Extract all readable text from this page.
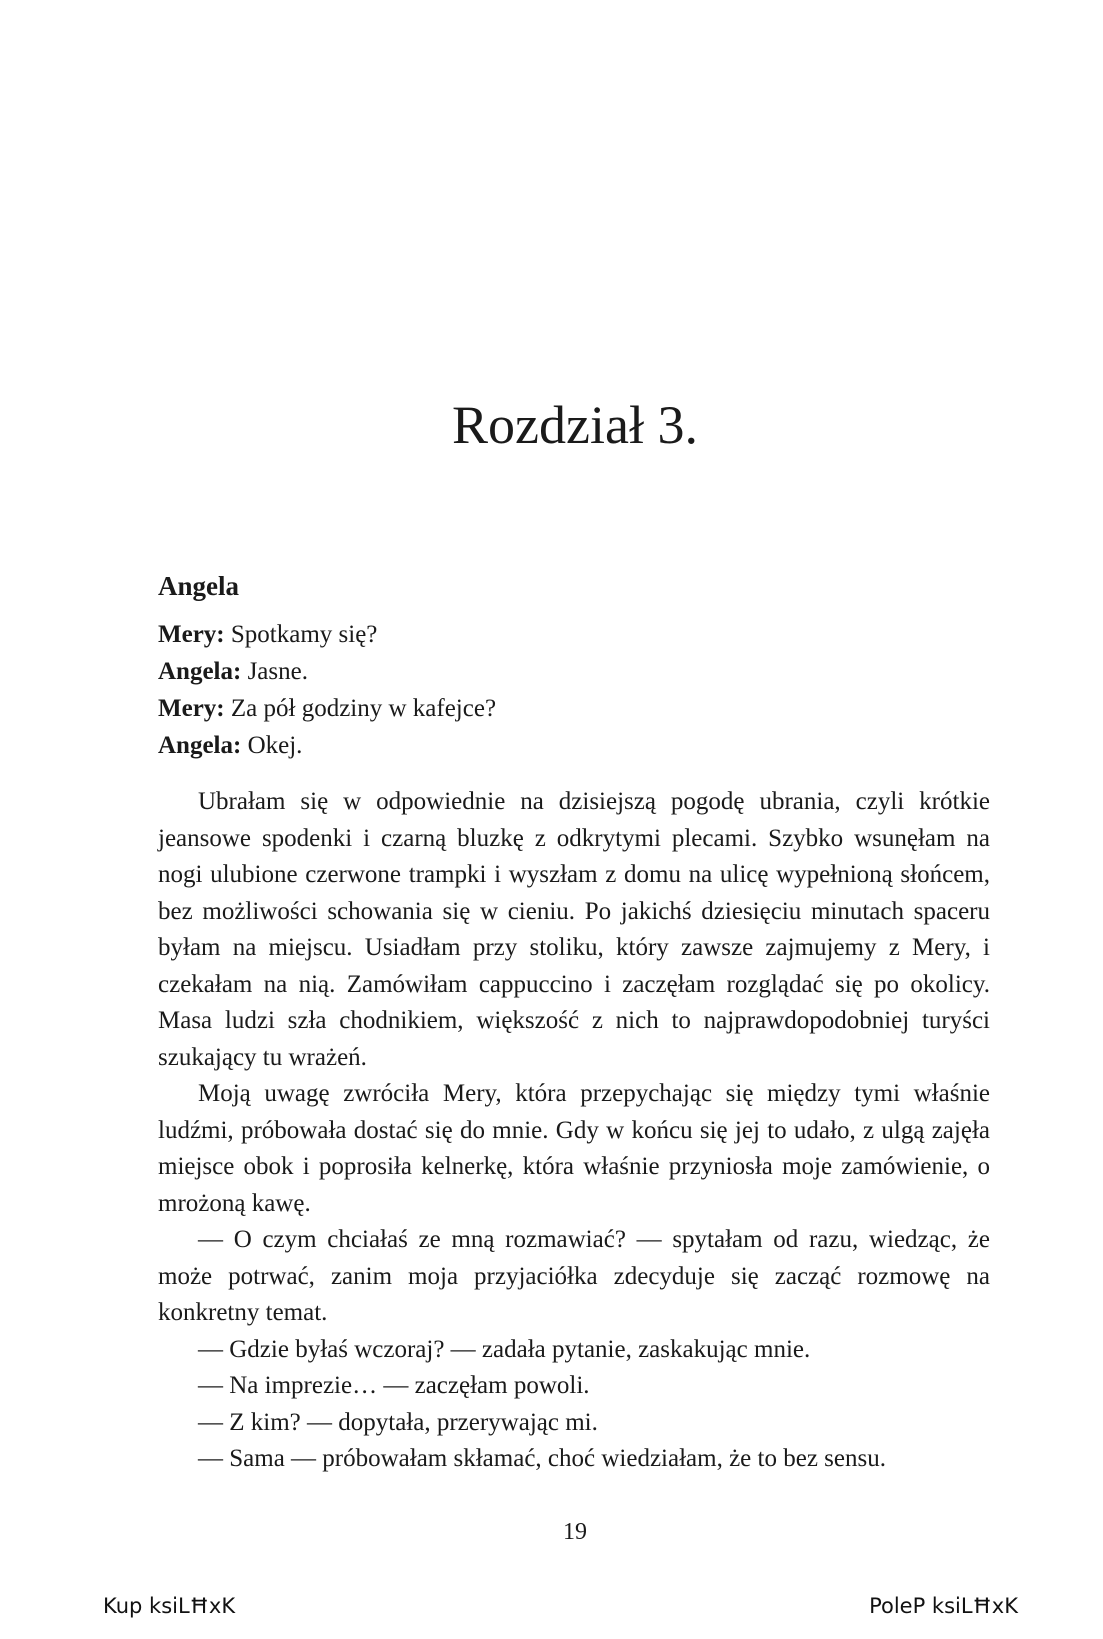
Rozdział 3.
Angela

Mery: Spotkamy się?

Angela: Jasne.

Mery: Za pół godziny w kafejce?

Angela: Okej.

Ubrałam się w odpowiednie na dzisiejszą pogodę ubrania, czyli krótkie jeansowe spodenki i czarną bluzkę z odkrytymi plecami. Szybko wsunęłam na nogi ulubione czerwone trampki i wyszłam z domu na ulicę wypełnioną słońcem, bez możliwości schowania się w cieniu. Po jakichś dziesięciu minutach spaceru byłam na miejscu. Usiadłam przy stoliku, który zawsze zajmujemy z Mery, i czekałam na nią. Zamówiłam cappuccino i zaczęłam rozglądać się po okolicy. Masa ludzi szła chodnikiem, większość z nich to najprawdopodobniej turyści szukający tu wrażeń.

Moją uwagę zwróciła Mery, która przepychając się między tymi właśnie ludźmi, próbowała dostać się do mnie. Gdy w końcu się jej to udało, z ulgą zajęła miejsce obok i poprosiła kelnerkę, która właśnie przyniosła moje zamówienie, o mrożoną kawę.

— O czym chciałaś ze mną rozmawiać? — spytałam od razu, wiedząc, że może potrwać, zanim moja przyjaciółka zdecyduje się zacząć rozmowę na konkretny temat.

— Gdzie byłaś wczoraj? — zadała pytanie, zaskakując mnie.

— Na imprezie… — zaczęłam powoli.

— Z kim? — dopytała, przerywając mi.

— Sama — próbowałam skłamać, choć wiedziałam, że to bez sensu.

19
Kup ksiLĦxK	PoleP ksiLĦxK
